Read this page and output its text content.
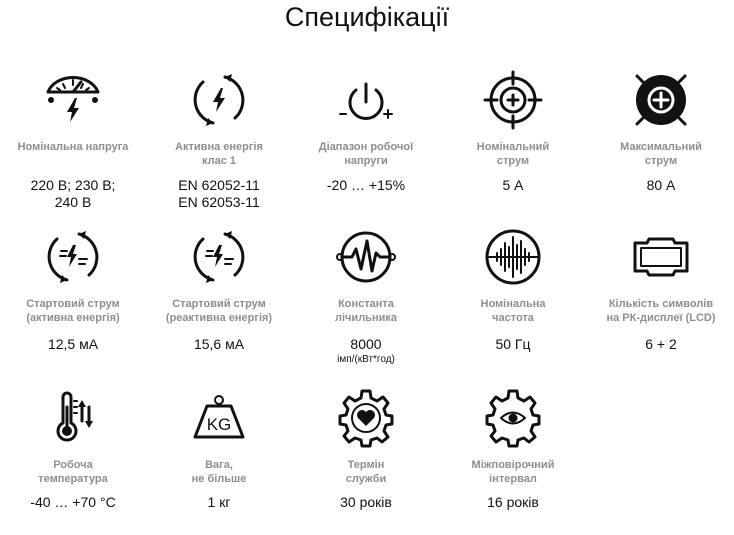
Специфікації
Номінальна напруга
220 В; 230 В;
240 В
Активна енергія
клас 1
EN 62052-11
EN 62053-11
Діапазон робочої
напруги
-20 … +15%
Номінальний
струм
5 А
Максимальний
струм
80 А
Стартовий струм
(активна енергія)
12,5 мА
Стартовий струм
(реактивна енергія)
15,6 мА
Константа
лічильника
8000
імп/(кВт*год)
Номінальна
частота
50 Гц
Кількість символів
на РК-дисплеї (LCD)
6 + 2
Робоча
температура
-40 … +70 °C
KG
Вага,
не більше
1 кг
Термін
служби
30 років
Міжповірочний
інтервал
16 років
